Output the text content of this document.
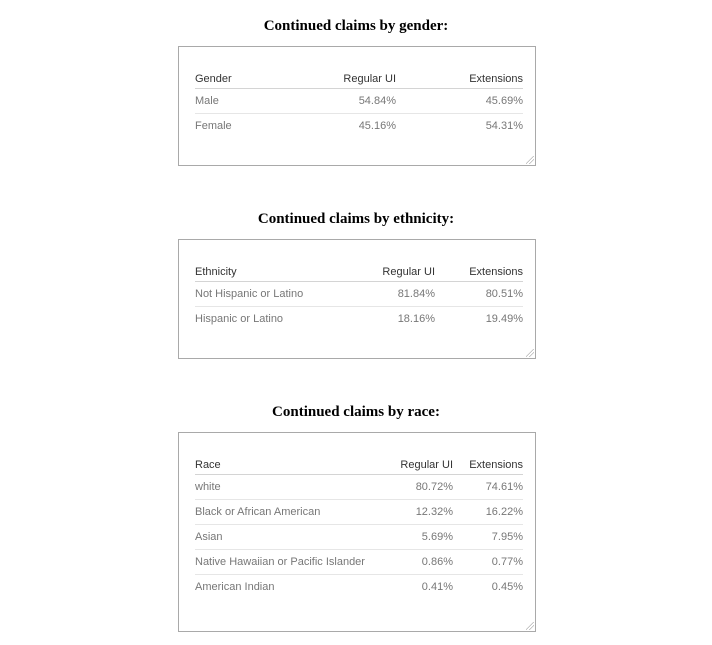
Continued claims by gender:
Gender	Regular UI	Extensions
Male	54.84%	45.69%
Female	45.16%	54.31%
Continued claims by ethnicity:
Ethnicity	Regular UI	Extensions
Not Hispanic or Latino	81.84%	80.51%
Hispanic or Latino	18.16%	19.49%
Continued claims by race:
Race	Regular UI	Extensions
white	80.72%	74.61%
Black or African American	12.32%	16.22%
Asian	5.69%	7.95%
Native Hawaiian or Pacific Islander	0.86%	0.77%
American Indian	0.41%	0.45%
